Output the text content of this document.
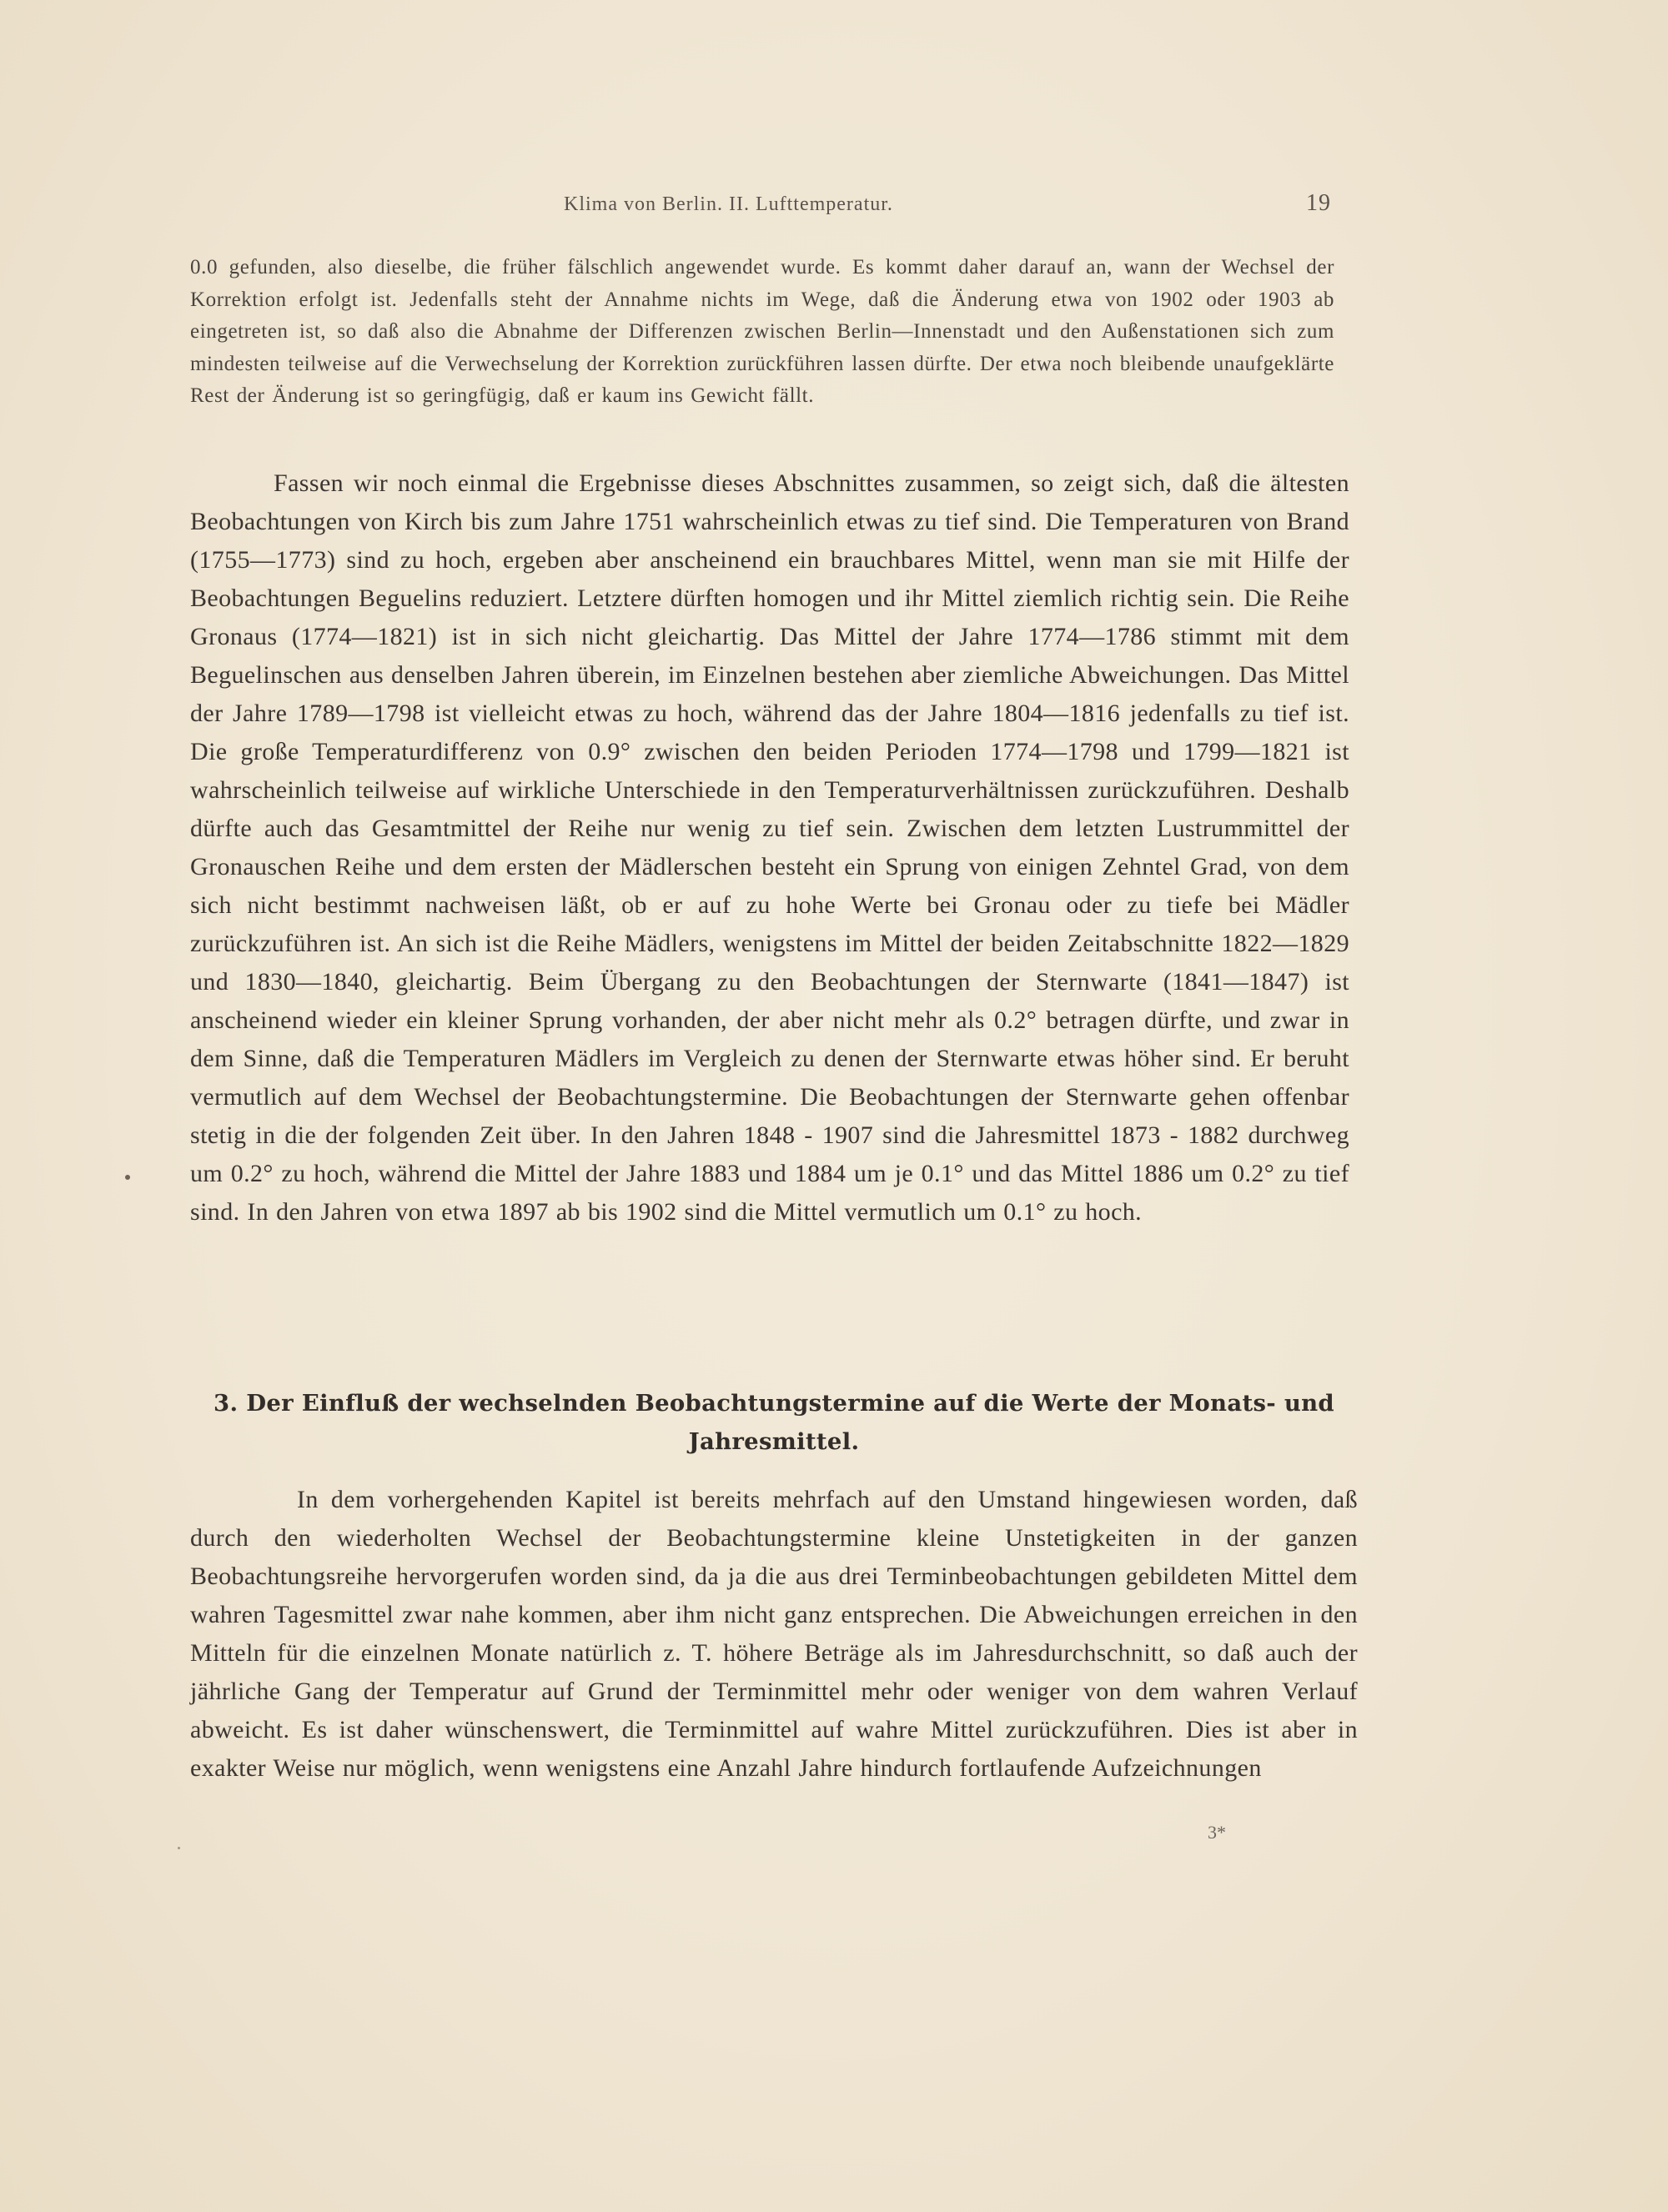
Klima von Berlin. II. Lufttemperatur.	19

0.0 gefunden, also dieselbe, die früher fälschlich angewendet wurde. Es kommt daher darauf an, wann der Wechsel der Korrektion erfolgt ist. Jedenfalls steht der Annahme nichts im Wege, daß die Änderung etwa von 1902 oder 1903 ab eingetreten ist, so daß also die Abnahme der Differenzen zwischen Berlin—Innenstadt und den Außenstationen sich zum mindesten teilweise auf die Verwechselung der Korrektion zurückführen lassen dürfte. Der etwa noch bleibende unaufgeklärte Rest der Änderung ist so geringfügig, daß er kaum ins Gewicht fällt.

Fassen wir noch einmal die Ergebnisse dieses Abschnittes zusammen, so zeigt sich, daß die ältesten Beobachtungen von Kirch bis zum Jahre 1751 wahrscheinlich etwas zu tief sind. Die Temperaturen von Brand (1755—1773) sind zu hoch, ergeben aber anscheinend ein brauchbares Mittel, wenn man sie mit Hilfe der Beobachtungen Beguelins reduziert. Letztere dürften homogen und ihr Mittel ziemlich richtig sein. Die Reihe Gronaus (1774—1821) ist in sich nicht gleichartig. Das Mittel der Jahre 1774—1786 stimmt mit dem Beguelinschen aus denselben Jahren überein, im Einzelnen bestehen aber ziemliche Abweichungen. Das Mittel der Jahre 1789—1798 ist vielleicht etwas zu hoch, während das der Jahre 1804—1816 jedenfalls zu tief ist. Die große Temperaturdifferenz von 0.9° zwischen den beiden Perioden 1774—1798 und 1799—1821 ist wahrscheinlich teilweise auf wirkliche Unterschiede in den Temperaturverhältnissen zurückzuführen. Deshalb dürfte auch das Gesamtmittel der Reihe nur wenig zu tief sein. Zwischen dem letzten Lustrummittel der Gronauschen Reihe und dem ersten der Mädlerschen besteht ein Sprung von einigen Zehntel Grad, von dem sich nicht bestimmt nachweisen läßt, ob er auf zu hohe Werte bei Gronau oder zu tiefe bei Mädler zurückzuführen ist. An sich ist die Reihe Mädlers, wenigstens im Mittel der beiden Zeitabschnitte 1822—1829 und 1830—1840, gleichartig. Beim Übergang zu den Beobachtungen der Sternwarte (1841—1847) ist anscheinend wieder ein kleiner Sprung vorhanden, der aber nicht mehr als 0.2° betragen dürfte, und zwar in dem Sinne, daß die Temperaturen Mädlers im Vergleich zu denen der Sternwarte etwas höher sind. Er beruht vermutlich auf dem Wechsel der Beobachtungstermine. Die Beobachtungen der Sternwarte gehen offenbar stetig in die der folgenden Zeit über. In den Jahren 1848 - 1907 sind die Jahresmittel 1873 - 1882 durchweg um 0.2° zu hoch, während die Mittel der Jahre 1883 und 1884 um je 0.1° und das Mittel 1886 um 0.2° zu tief sind. In den Jahren von etwa 1897 ab bis 1902 sind die Mittel vermutlich um 0.1° zu hoch.

3. Der Einfluß der wechselnden Beobachtungstermine auf die Werte der Monats- und Jahresmittel.

In dem vorhergehenden Kapitel ist bereits mehrfach auf den Umstand hingewiesen worden, daß durch den wiederholten Wechsel der Beobachtungstermine kleine Unstetigkeiten in der ganzen Beobachtungsreihe hervorgerufen worden sind, da ja die aus drei Terminbeobachtungen gebildeten Mittel dem wahren Tagesmittel zwar nahe kommen, aber ihm nicht ganz entsprechen. Die Abweichungen erreichen in den Mitteln für die einzelnen Monate natürlich z. T. höhere Beträge als im Jahresdurchschnitt, so daß auch der jährliche Gang der Temperatur auf Grund der Terminmittel mehr oder weniger von dem wahren Verlauf abweicht. Es ist daher wünschenswert, die Terminmittel auf wahre Mittel zurückzuführen. Dies ist aber in exakter Weise nur möglich, wenn wenigstens eine Anzahl Jahre hindurch fortlaufende Aufzeichnungen

3*
